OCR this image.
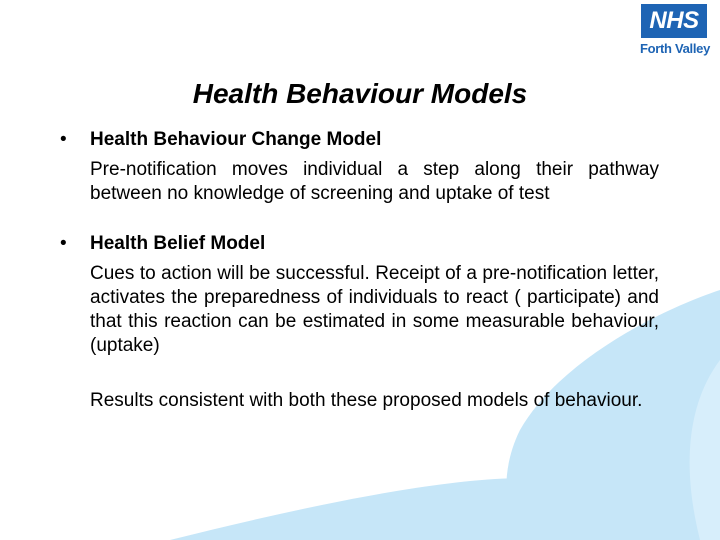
NHS
Forth Valley
Health Behaviour Models
• Health Behaviour Change Model

Pre-notification moves individual a step along their pathway between no knowledge of screening and uptake of test

• Health Belief Model

Cues to action will be successful. Receipt of a pre-notification letter, activates the preparedness of individuals to react ( participate) and that this reaction can be estimated in some measurable behaviour, (uptake)

Results consistent with both these proposed models of behaviour.
